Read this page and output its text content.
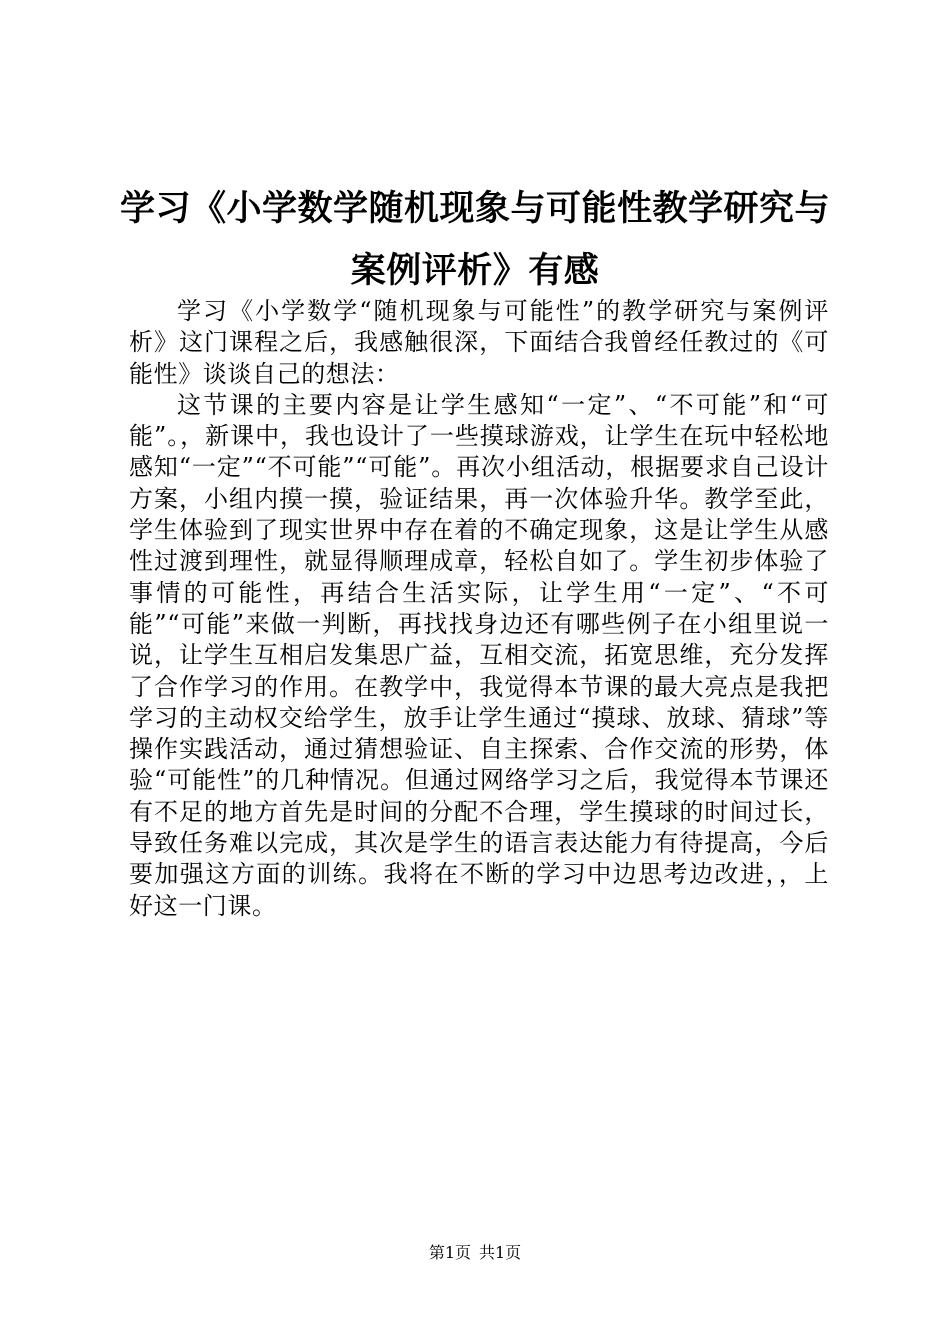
学习《小学数学随机现象与可能性教学研究与案例评析》有感

学习《小学数学“随机现象与可能性”的教学研究与案例评析》这门课程之后，我感触很深，下面结合我曾经任教过的《可能性》谈谈自己的想法：

这节课的主要内容是让学生感知“一定”、“不可能”和“可能”。，新课中，我也设计了一些摸球游戏，让学生在玩中轻松地感知“一定”“不可能”“可能”。再次小组活动，根据要求自己设计方案，小组内摸一摸，验证结果，再一次体验升华。教学至此，学生体验到了现实世界中存在着的不确定现象，这是让学生从感性过渡到理性，就显得顺理成章，轻松自如了。学生初步体验了事情的可能性，再结合生活实际，让学生用“一定”、“不可能”“可能”来做一判断，再找找身边还有哪些例子在小组里说一说，让学生互相启发集思广益，互相交流，拓宽思维，充分发挥了合作学习的作用。在教学中，我觉得本节课的最大亮点是我把学习的主动权交给学生，放手让学生通过“摸球、放球、猜球”等操作实践活动，通过猜想验证、自主探索、合作交流的形势，体验“可能性”的几种情况。但通过网络学习之后，我觉得本节课还有不足的地方首先是时间的分配不合理，学生摸球的时间过长，导致任务难以完成，其次是学生的语言表达能力有待提高，今后要加强这方面的训练。我将在不断的学习中边思考边改进，，上好这一门课。

第1页 共1页
